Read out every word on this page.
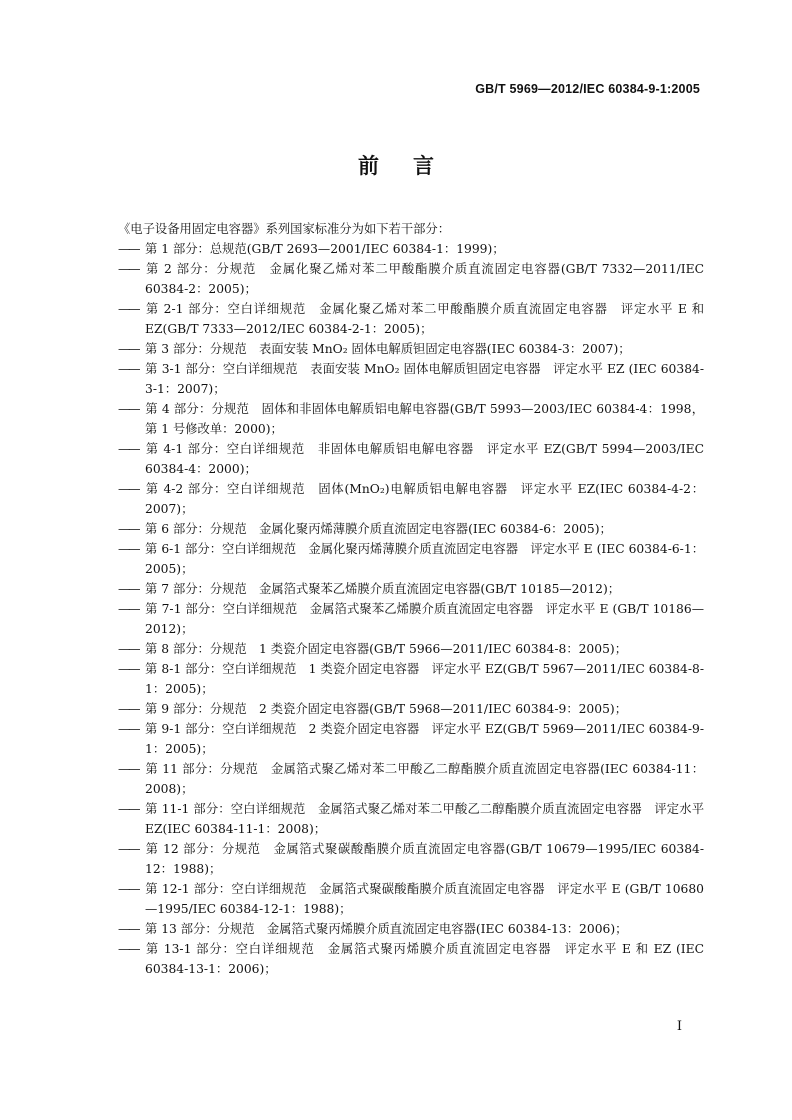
GB/T 5969—2012/IEC 60384-9-1:2005
前言
《电子设备用固定电容器》系列国家标准分为如下若干部分：
—— 第 1 部分：总规范(GB/T 2693—2001/IEC 60384-1：1999)；
—— 第 2 部分：分规范　金属化聚乙烯对苯二甲酸酯膜介质直流固定电容器(GB/T 7332—2011/IEC 60384-2：2005)；
—— 第 2-1 部分：空白详细规范　金属化聚乙烯对苯二甲酸酯膜介质直流固定电容器　评定水平 E 和 EZ(GB/T 7333—2012/IEC 60384-2-1：2005)；
—— 第 3 部分：分规范　表面安装 MnO₂ 固体电解质钽固定电容器(IEC 60384-3：2007)；
—— 第 3-1 部分：空白详细规范　表面安装 MnO₂ 固体电解质钽固定电容器　评定水平 EZ (IEC 60384-3-1：2007)；
—— 第 4 部分：分规范　固体和非固体电解质铝电解电容器(GB/T 5993—2003/IEC 60384-4：1998，第 1 号修改单：2000)；
—— 第 4-1 部分：空白详细规范　非固体电解质铝电解电容器　评定水平 EZ(GB/T 5994—2003/IEC 60384-4：2000)；
—— 第 4-2 部分：空白详细规范　固体(MnO₂)电解质铝电解电容器　评定水平 EZ(IEC 60384-4-2：2007)；
—— 第 6 部分：分规范　金属化聚丙烯薄膜介质直流固定电容器(IEC 60384-6：2005)；
—— 第 6-1 部分：空白详细规范　金属化聚丙烯薄膜介质直流固定电容器　评定水平 E (IEC 60384-6-1：2005)；
—— 第 7 部分：分规范　金属箔式聚苯乙烯膜介质直流固定电容器(GB/T 10185—2012)；
—— 第 7-1 部分：空白详细规范　金属箔式聚苯乙烯膜介质直流固定电容器　评定水平 E (GB/T 10186—2012)；
—— 第 8 部分：分规范　1 类瓷介固定电容器(GB/T 5966—2011/IEC 60384-8：2005)；
—— 第 8-1 部分：空白详细规范　1 类瓷介固定电容器　评定水平 EZ(GB/T 5967—2011/IEC 60384-8-1：2005)；
—— 第 9 部分：分规范　2 类瓷介固定电容器(GB/T 5968—2011/IEC 60384-9：2005)；
—— 第 9-1 部分：空白详细规范　2 类瓷介固定电容器　评定水平 EZ(GB/T 5969—2011/IEC 60384-9-1：2005)；
—— 第 11 部分：分规范　金属箔式聚乙烯对苯二甲酸乙二醇酯膜介质直流固定电容器(IEC 60384-11：2008)；
—— 第 11-1 部分：空白详细规范　金属箔式聚乙烯对苯二甲酸乙二醇酯膜介质直流固定电容器　评定水平 EZ(IEC 60384-11-1：2008)；
—— 第 12 部分：分规范　金属箔式聚碳酸酯膜介质直流固定电容器(GB/T 10679—1995/IEC 60384-12：1988)；
—— 第 12-1 部分：空白详细规范　金属箔式聚碳酸酯膜介质直流固定电容器　评定水平 E (GB/T 10680—1995/IEC 60384-12-1：1988)；
—— 第 13 部分：分规范　金属箔式聚丙烯膜介质直流固定电容器(IEC 60384-13：2006)；
—— 第 13-1 部分：空白详细规范　金属箔式聚丙烯膜介质直流固定电容器　评定水平 E 和 EZ (IEC 60384-13-1：2006)；
I
